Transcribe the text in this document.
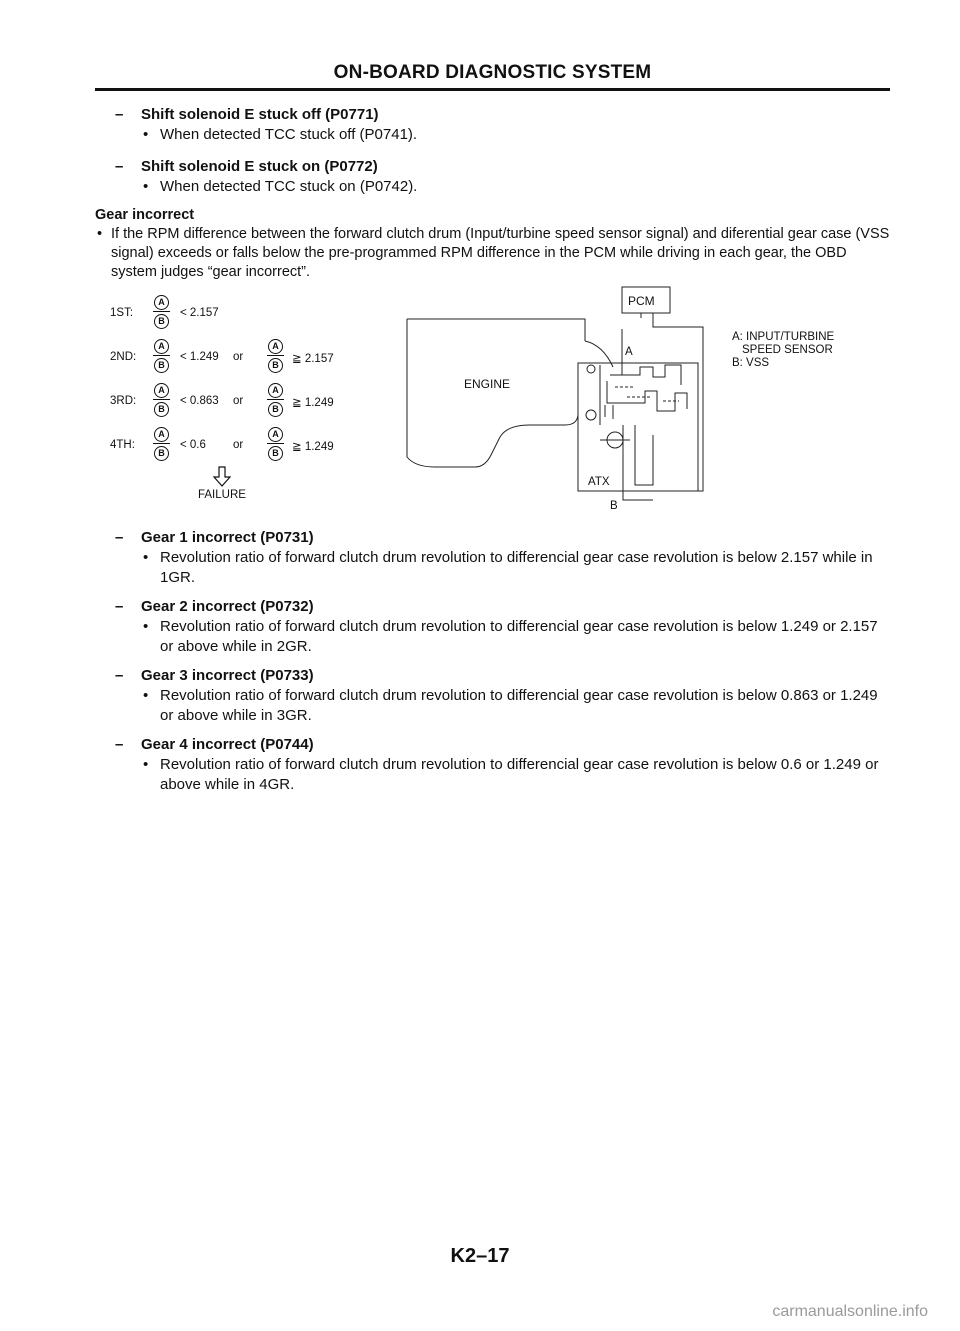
ON-BOARD DIAGNOSTIC SYSTEM
– Shift solenoid E stuck off (P0771)
• When detected TCC stuck off (P0741).
– Shift solenoid E stuck on (P0772)
• When detected TCC stuck on (P0742).
Gear incorrect
• If the RPM difference between the forward clutch drum (Input/turbine speed sensor signal) and diferential gear case (VSS signal) exceeds or falls below the pre-programmed RPM difference in the PCM while driving in each gear, the OBD system judges “gear incorrect”.
1ST: $\frac{A}{B} < 2.157$
2ND: $\frac{A}{B} < 1.249$ or	$\frac{A}{B}$ ≧ 2.157
3RD: $\frac{A}{B} < 0.863$ or	$\frac{A}{B}$ ≧ 1.249
4TH: $\frac{A}{B} < 0.6$ or	$\frac{A}{B}$ ≧ 1.249
FAILURE
PCM
ENGINE
ATX
A
B
A: INPUT/TURBINE
SPEED SENSOR
B: VSS
– Gear 1 incorrect (P0731)
• Revolution ratio of forward clutch drum revolution to differencial gear case revolution is below 2.157 while in 1GR.
– Gear 2 incorrect (P0732)
• Revolution ratio of forward clutch drum revolution to differencial gear case revolution is below 1.249 or 2.157 or above while in 2GR.
– Gear 3 incorrect (P0733)
• Revolution ratio of forward clutch drum revolution to differencial gear case revolution is below 0.863 or 1.249 or above while in 3GR.
– Gear 4 incorrect (P0744)
• Revolution ratio of forward clutch drum revolution to differencial gear case revolution is below 0.6 or 1.249 or above while in 4GR.
K2–17
carmanualsonline.info
